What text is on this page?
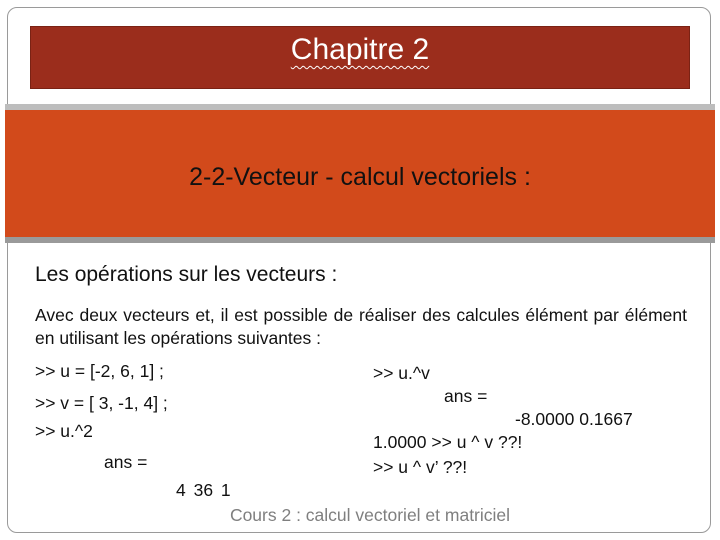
Chapitre 2
2-2-Vecteur - calcul vectoriels :
Les opérations sur les vecteurs :
Avec deux vecteurs et, il est possible de réaliser des calcules élément par élément en utilisant les opérations suivantes :
>> u = [-2, 6, 1] ;
>> v = [ 3, -1, 4] ;
>> u.^2
ans =
4 36 1
>> u.^v
ans =
-8.0000 0.1667
1.0000 >> u ^ v ??!
>> u ^ v’ ??!
Cours 2 : calcul vectoriel et matriciel
